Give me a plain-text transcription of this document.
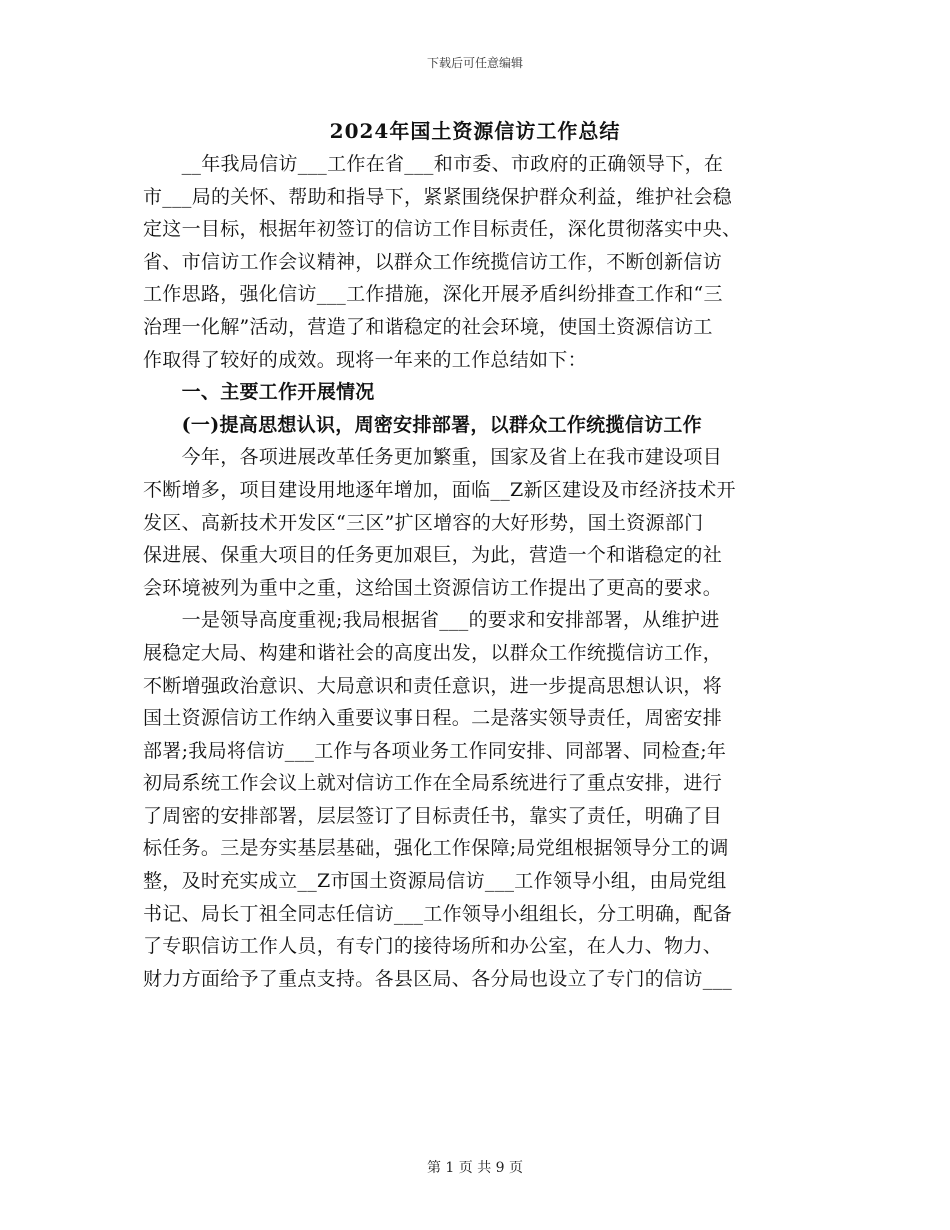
下载后可任意编辑
2024年国土资源信访工作总结
　　__年我局信访___工作在省___和市委、市政府的正确领导下，在
市___局的关怀、帮助和指导下，紧紧围绕保护群众利益，维护社会稳
定这一目标，根据年初签订的信访工作目标责任，深化贯彻落实中央、
省、市信访工作会议精神，以群众工作统揽信访工作，不断创新信访
工作思路，强化信访___工作措施，深化开展矛盾纠纷排查工作和“三
治理一化解”活动，营造了和谐稳定的社会环境，使国土资源信访工
作取得了较好的成效。现将一年来的工作总结如下：
　　一、主要工作开展情况
　　(一)提高思想认识，周密安排部署，以群众工作统揽信访工作
　　今年，各项进展改革任务更加繁重，国家及省上在我市建设项目
不断增多，项目建设用地逐年增加，面临__Z新区建设及市经济技术开
发区、高新技术开发区“三区”扩区增容的大好形势，国土资源部门
保进展、保重大项目的任务更加艰巨，为此，营造一个和谐稳定的社
会环境被列为重中之重，这给国土资源信访工作提出了更高的要求。
　　一是领导高度重视;我局根据省___的要求和安排部署，从维护进
展稳定大局、构建和谐社会的高度出发，以群众工作统揽信访工作，
不断增强政治意识、大局意识和责任意识，进一步提高思想认识，将
国土资源信访工作纳入重要议事日程。二是落实领导责任，周密安排
部署;我局将信访___工作与各项业务工作同安排、同部署、同检查;年
初局系统工作会议上就对信访工作在全局系统进行了重点安排，进行
了周密的安排部署，层层签订了目标责任书，靠实了责任，明确了目
标任务。三是夯实基层基础，强化工作保障;局党组根据领导分工的调
整，及时充实成立__Z市国土资源局信访___工作领导小组，由局党组
书记、局长丁祖全同志任信访___工作领导小组组长，分工明确，配备
了专职信访工作人员，有专门的接待场所和办公室，在人力、物力、
财力方面给予了重点支持。各县区局、各分局也设立了专门的信访___
第 1 页 共 9 页
